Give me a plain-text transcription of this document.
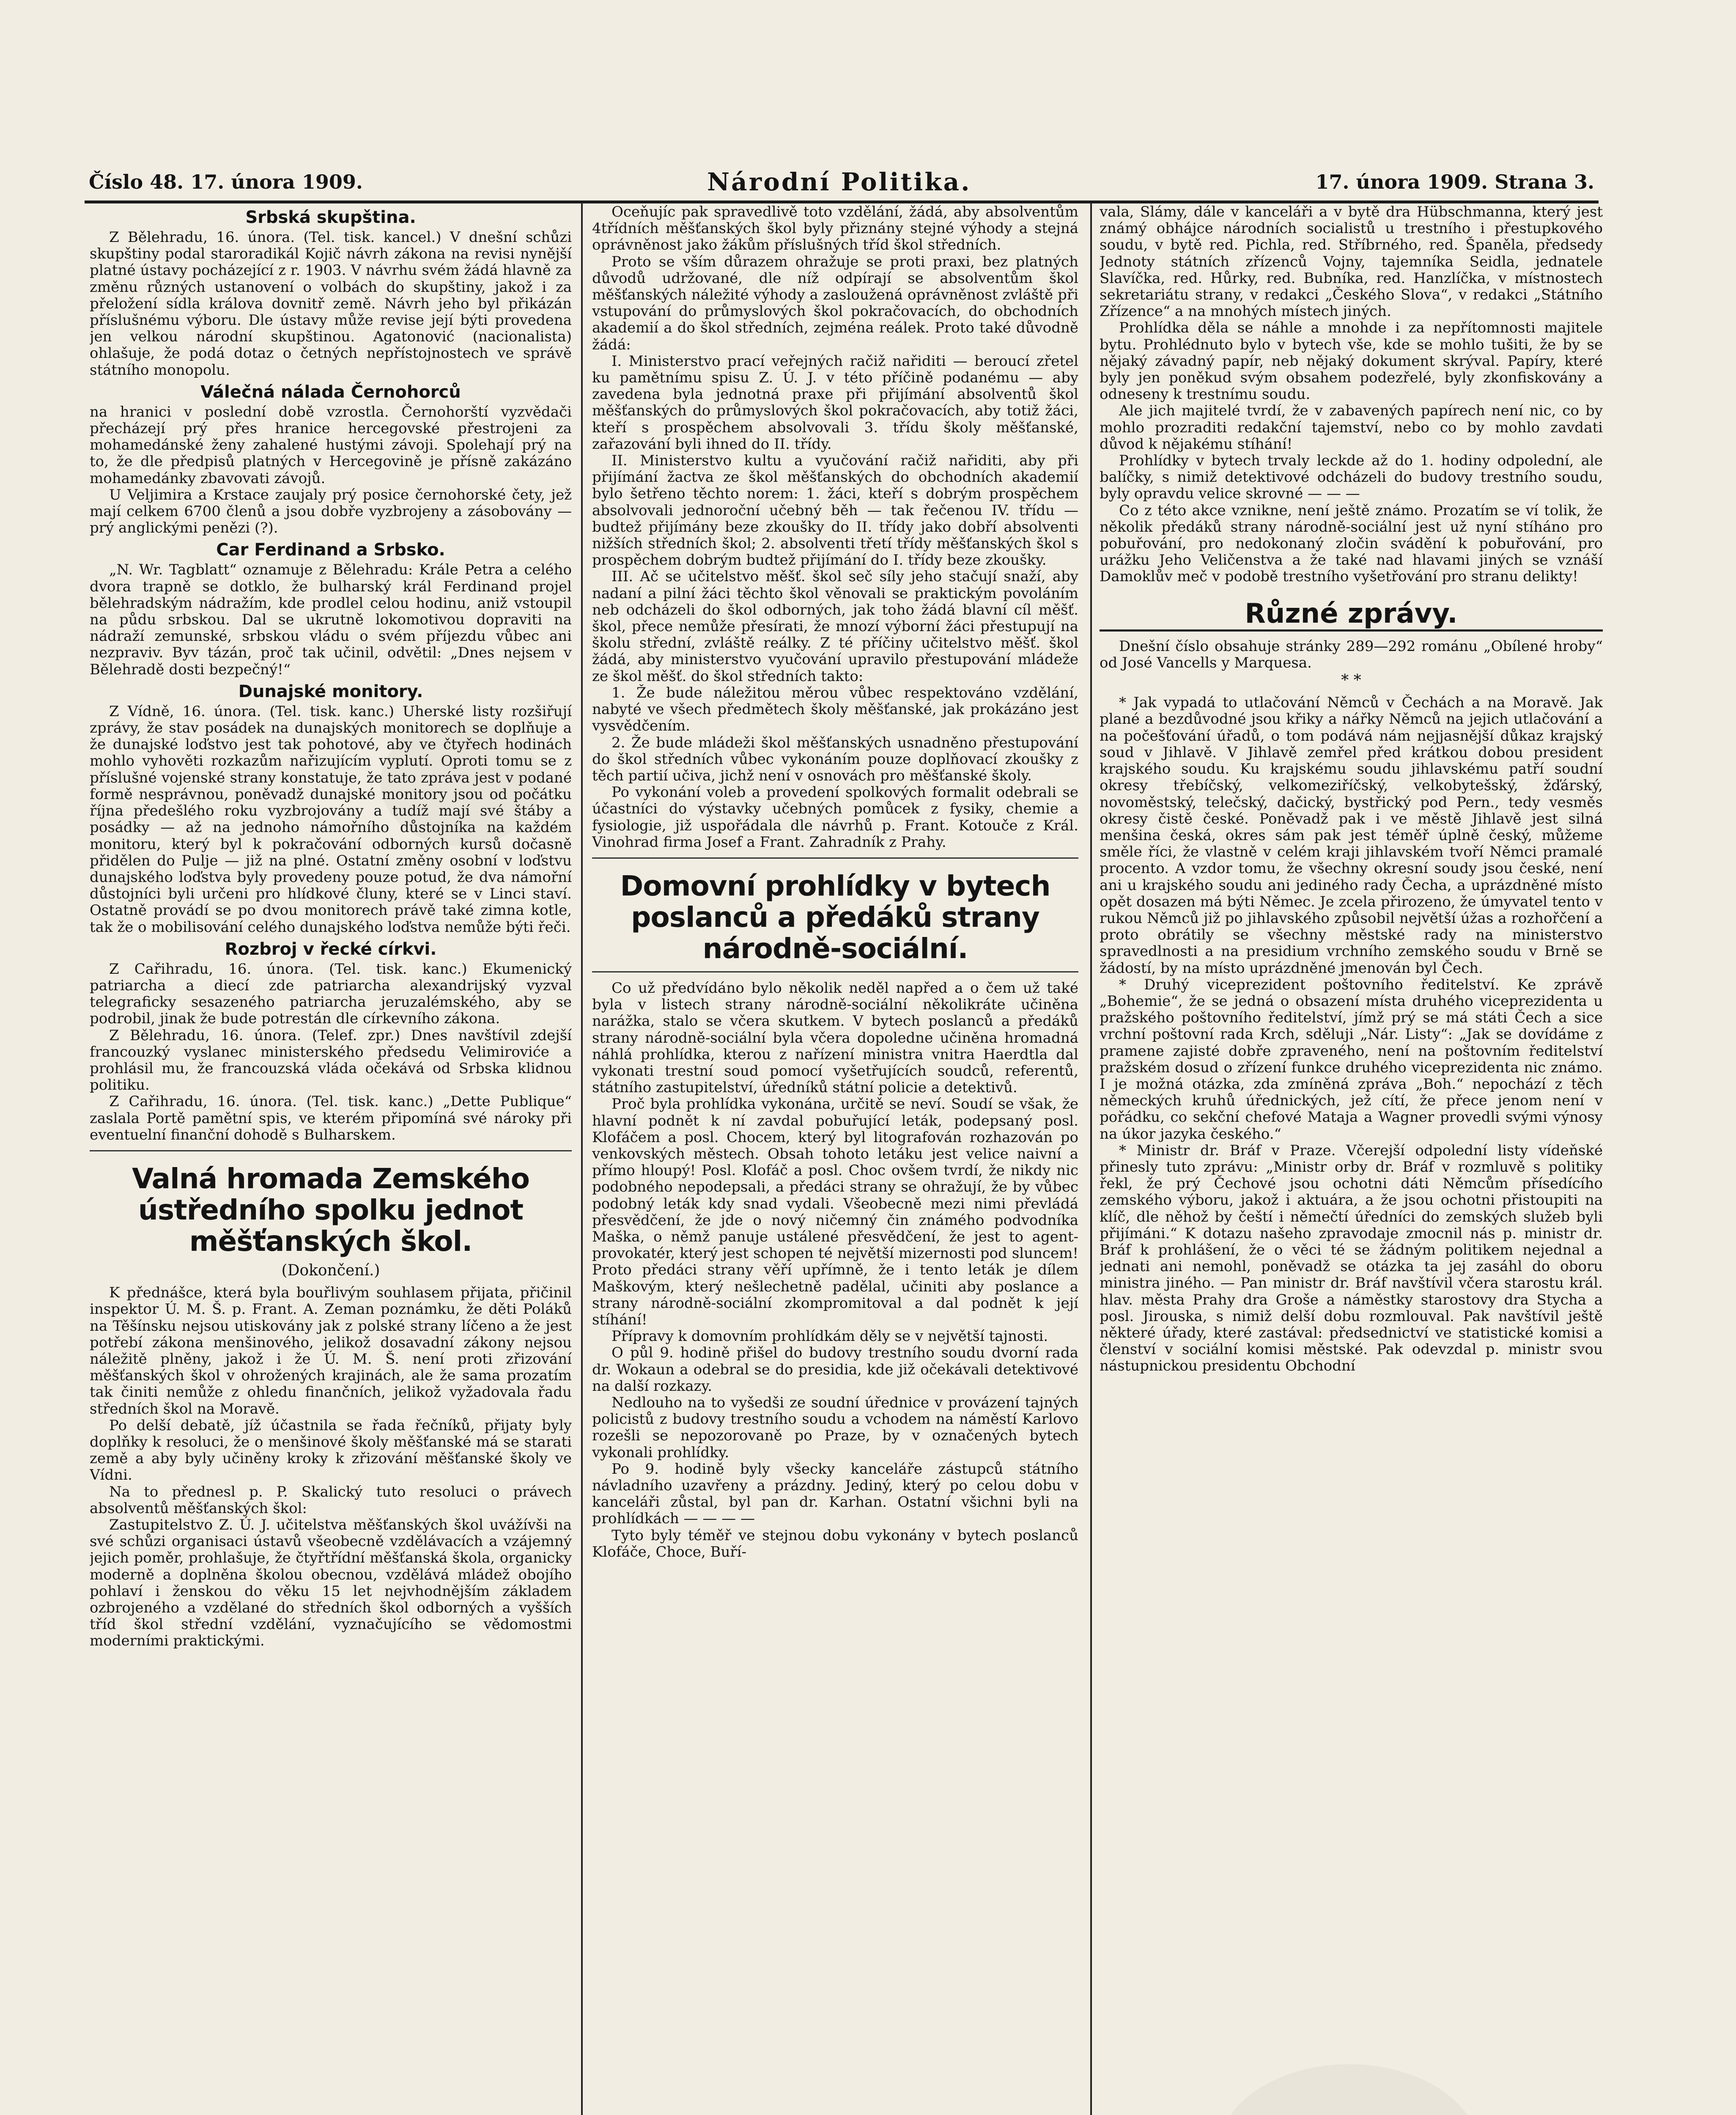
Číslo 48. 17. února 1909.	Národní Politika.	17. února 1909. Strana 3.
Srbská skupština.

Z Bělehradu, 16. února. (Tel. tisk. kancel.) V dnešní schůzi skupštiny podal staroradikál Kojič návrh zákona na revisi nynější platné ústavy pocházející z r. 1903. V návrhu svém žádá hlavně za změnu různých ustanovení o volbách do skupštiny, jakož i za přeložení sídla králova dovnitř země. Návrh jeho byl přikázán příslušnému výboru. Dle ústavy může revise její býti provedena jen velkou národní skupštinou. Agatonović (nacionalista) ohlašuje, že podá dotaz o četných nepřístojnostech ve správě státního monopolu.

Válečná nálada Černohorců

na hranici v poslední době vzrostla. Černohorští vyzvědači přecházejí prý přes hranice hercegovské přestrojeni za mohamedánské ženy zahalené hustými závoji. Spolehají prý na to, že dle předpisů platných v Hercegovině je přísně zakázáno mohamedánky zbavovati závojů.

U Veljimira a Krstace zaujaly prý posice černohorské čety, jež mají celkem 6700 členů a jsou dobře vyzbrojeny a zásobovány — prý anglickými penězi (?).

Car Ferdinand a Srbsko.

„N. Wr. Tagblatt“ oznamuje z Bělehradu: Krále Petra a celého dvora trapně se dotklo, že bulharský král Ferdinand projel bělehradským nádražím, kde prodlel celou hodinu, aniž vstoupil na půdu srbskou. Dal se ukrutně lokomotivou dopraviti na nádraží zemunské, srbskou vládu o svém příjezdu vůbec ani nezpraviv. Byv tázán, proč tak učinil, odvětil: „Dnes nejsem v Bělehradě dosti bezpečný!“

Dunajské monitory.

Z Vídně, 16. února. (Tel. tisk. kanc.) Uherské listy rozšiřují zprávy, že stav posádek na dunajských monitorech se doplňuje a že dunajské loďstvo jest tak pohotové, aby ve čtyřech hodinách mohlo vyhověti rozkazům nařizujícím vyplutí. Oproti tomu se z příslušné vojenské strany konstatuje, že tato zpráva jest v podané formě nesprávnou, poněvadž dunajské monitory jsou od počátku října předešlého roku vyzbrojovány a tudíž mají své štáby a posádky — až na jednoho námořního důstojníka na každém monitoru, který byl k pokračování odborných kursů dočasně přidělen do Pulje — již na plné. Ostatní změny osobní v loďstvu dunajského loďstva byly provedeny pouze potud, že dva námořní důstojníci byli určeni pro hlídkové čluny, které se v Linci staví. Ostatně provádí se po dvou monitorech právě také zimna kotle, tak že o mobilisování celého dunajského loďstva nemůže býti řeči.

Rozbroj v řecké církvi.

Z Cařihradu, 16. února. (Tel. tisk. kanc.) Ekumenický patriarcha a diecí zde patriarcha alexandrijský vyzval telegraficky sesazeného patriarcha jeruzalémského, aby se podrobil, jinak že bude potrestán dle církevního zákona.

Z Bělehradu, 16. února. (Telef. zpr.) Dnes navštívil zdejší francouzký vyslanec ministerského předsedu Velimiroviće a prohlásil mu, že francouzská vláda očekává od Srbska klidnou politiku.

Z Cařihradu, 16. února. (Tel. tisk. kanc.) „Dette Publique“ zaslala Portě pamětní spis, ve kterém připomíná své nároky při eventuelní finanční dohodě s Bulharskem.

Valná hromada Zemského ústředního spolku jednot měšťanských škol.
(Dokončení.)

K přednášce, která byla bouřlivým souhlasem přijata, přičinil inspektor Ú. M. Š. p. Frant. A. Zeman poznámku, že děti Poláků na Těšínsku nejsou utiskovány jak z polské strany líčeno a že jest potřebí zákona menšinového, jelikož dosavadní zákony nejsou náležitě plněny, jakož i že Ú. M. Š. není proti zřizování měšťanských škol v ohrožených krajinách, ale že sama prozatím tak činiti nemůže z ohledu finančních, jelikož vyžadovala řadu středních škol na Moravě.

Po delší debatě, jíž účastnila se řada řečníků, přijaty byly doplňky k resoluci, že o menšinové školy měšťanské má se starati země a aby byly učiněny kroky k zřizování měšťanské školy ve Vídni.

Na to přednesl p. P. Skalický tuto resoluci o právech absolventů měšťanských škol:

Zastupitelstvo Z. Ú. J. učitelstva měšťanských škol uvážívši na své schůzi organisaci ústavů všeobecně vzdělávacích a vzájemný jejich poměr, prohlašuje, že čtyřtřídní měšťanská škola, organicky moderně a doplněna školou obecnou, vzdělává mládež obojího pohlaví i ženskou do věku 15 let nejvhodnějším základem ozbrojeného a vzdělané do středních škol odborných a vyšších tříd škol střední vzdělání, vyznačujícího se vědomostmi moderními praktickými.

Oceňujíc pak spravedlivě toto vzdělání, žádá, aby absolventům 4třídních měšťanských škol byly přiznány stejné výhody a stejná oprávněnost jako žákům příslušných tříd škol středních.

Proto se vším důrazem ohražuje se proti praxi, bez platných důvodů udržované, dle níž odpírají se absolventům škol měšťanských náležité výhody a zasloužená oprávněnost zvláště při vstupování do průmyslových škol pokračovacích, do obchodních akademií a do škol středních, zejména reálek. Proto také důvodně žádá:

I. Ministerstvo prací veřejných račiž nařiditi — beroucí zřetel ku pamětnímu spisu Z. Ú. J. v této příčině podanému — aby zavedena byla jednotná praxe při přijímání absolventů škol měšťanských do průmyslových škol pokračovacích, aby totiž žáci, kteří s prospěchem absolvovali 3. třídu školy měšťanské, zařazování byli ihned do II. třídy.

II. Ministerstvo kultu a vyučování račiž nařiditi, aby při přijímání žactva ze škol měšťanských do obchodních akademií bylo šetřeno těchto norem: 1. žáci, kteří s dobrým prospěchem absolvovali jednoroční učebný běh — tak řečenou IV. třídu — budtež přijímány beze zkoušky do II. třídy jako dobří absolventi nižších středních škol; 2. absolventi třetí třídy měšťanských škol s prospěchem dobrým budtež přijímání do I. třídy beze zkoušky.

III. Ač se učitelstvo měšť. škol seč síly jeho stačují snaží, aby nadaní a pilní žáci těchto škol věnovali se praktickým povoláním neb odcházeli do škol odborných, jak toho žádá blavní cíl měšť. škol, přece nemůže přesírati, že mnozí výborní žáci přestupují na školu střední, zvláště reálky. Z té příčiny učitelstvo měšť. škol žádá, aby ministerstvo vyučování upravilo přestupování mládeže ze škol měšť. do škol středních takto:

1. Že bude náležitou měrou vůbec respektováno vzdělání, nabyté ve všech předmětech školy měšťanské, jak prokázáno jest vysvědčením.

2. Že bude mládeži škol měšťanských usnadněno přestupování do škol středních vůbec vykonáním pouze doplňovací zkoušky z těch partií učiva, jichž není v osnovách pro měšťanské školy.

Po vykonání voleb a provedení spolkových formalit odebrali se účastníci do výstavky učebných pomůcek z fysiky, chemie a fysiologie, již uspořádala dle návrhů p. Frant. Kotouče z Král. Vinohrad firma Josef a Frant. Zahradník z Prahy.

Domovní prohlídky v bytech poslanců a předáků strany národně-sociální.

Co už předvídáno bylo několik neděl napřed a o čem už také byla v listech strany národně-sociální několikráte učiněna narážka, stalo se včera skutkem. V bytech poslanců a předáků strany národně-sociální byla včera dopoledne učiněna hromadná náhlá prohlídka, kterou z nařízení ministra vnitra Haerdtla dal vykonati trestní soud pomocí vyšetřujících soudců, referentů, státního zastupitelství, úředníků státní policie a detektivů.

Proč byla prohlídka vykonána, určitě se neví. Soudí se však, že hlavní podnět k ní zavdal pobuřující leták, podepsaný posl. Klofáčem a posl. Chocem, který byl litografován rozhazován po venkovských městech. Obsah tohoto letáku jest velice naivní a přímo hloupý! Posl. Klofáč a posl. Choc ovšem tvrdí, že nikdy nic podobného nepodepsali, a předáci strany se ohražují, že by vůbec podobný leták kdy snad vydali. Všeobecně mezi nimi převládá přesvědčení, že jde o nový ničemný čin známého podvodníka Maška, o němž panuje ustálené přesvědčení, že jest to agent-provokatér, který jest schopen té největší mizernosti pod sluncem! Proto předáci strany věří upřímně, že i tento leták je dílem Maškovým, který nešlechetně padělal, učiniti aby poslance a strany národně-sociální zkompromitoval a dal podnět k její stíhání!

Přípravy k domovním prohlídkám děly se v největší tajnosti.

O půl 9. hodině přišel do budovy trestního soudu dvorní rada dr. Wokaun a odebral se do presidia, kde již očekávali detektivové na další rozkazy.

Nedlouho na to vyšedši ze soudní úřednice v provázení tajných policistů z budovy trestního soudu a vchodem na náměstí Karlovo rozešli se nepozorovaně po Praze, by v označených bytech vykonali prohlídky.

Po 9. hodině byly všecky kanceláře zástupců státního návladního uzavřeny a prázdny. Jediný, který po celou dobu v kanceláři zůstal, byl pan dr. Karhan. Ostatní všichni byli na prohlídkách — — — —

Tyto byly téměř ve stejnou dobu vykonány v bytech poslanců Klofáče, Choce, Buří-

vala, Slámy, dále v kanceláři a v bytě dra Hübschmanna, který jest známý obhájce národních socialistů u trestního i přestupkového soudu, v bytě red. Pichla, red. Stříbrného, red. Španěla, předsedy Jednoty státních zřízenců Vojny, tajemníka Seidla, jednatele Slavíčka, red. Hůrky, red. Bubníka, red. Hanzlíčka, v místnostech sekretariátu strany, v redakci „Českého Slova“, v redakci „Státního Zřízence“ a na mnohých místech jiných.

Prohlídka děla se náhle a mnohde i za nepřítomnosti majitele bytu. Prohlédnuto bylo v bytech vše, kde se mohlo tušiti, že by se nějaký závadný papír, neb nějaký dokument skrýval. Papíry, které byly jen poněkud svým obsahem podezřelé, byly zkonfiskovány a odneseny k trestnímu soudu.

Ale jich majitelé tvrdí, že v zabavených papírech není nic, co by mohlo prozraditi redakční tajemství, nebo co by mohlo zavdati důvod k nějakému stíhání!

Prohlídky v bytech trvaly leckde až do 1. hodiny odpolední, ale balíčky, s nimiž detektivové odcházeli do budovy trestního soudu, byly opravdu velice skrovné — — —

Co z této akce vznikne, není ještě známo. Prozatím se ví tolik, že několik předáků strany národně-sociální jest už nyní stíháno pro pobuřování, pro nedokonaný zločin svádění k pobuřování, pro urážku Jeho Veličenstva a že také nad hlavami jiných se vznáší Damoklův meč v podobě trestního vyšetřování pro stranu delikty!

Různé zprávy.

Dnešní číslo obsahuje stránky 289—292 románu „Obílené hroby“ od José Vancells y Marquesa.

* *

* Jak vypadá to utlačování Němců v Čechách a na Moravě. Jak plané a bezdůvodné jsou křiky a nářky Němců na jejich utlačování a na počešťování úřadů, o tom podává nám nejjasnější důkaz krajský soud v Jihlavě. V Jihlavě zemřel před krátkou dobou president krajského soudu. Ku krajskému soudu jihlavskému patří soudní okresy třebíčský, velkomeziříčský, velkobytešský, žďárský, novoměstský, telečský, dačický, bystřický pod Pern., tedy vesměs okresy čistě české. Poněvadž pak i ve městě Jihlavě jest silná menšina česká, okres sám pak jest téměř úplně český, můžeme směle říci, že vlastně v celém kraji jihlavském tvoří Němci pramalé procento. A vzdor tomu, že všechny okresní soudy jsou české, není ani u krajského soudu ani jediného rady Čecha, a uprázdněné místo opět dosazen má býti Němec. Je zcela přirozeno, že úmyvatel tento v rukou Němců již po jihlavského způsobil největší úžas a rozhořčení a proto obrátily se všechny městské rady na ministerstvo spravedlnosti a na presidium vrchního zemského soudu v Brně se žádostí, by na místo uprázdněné jmenován byl Čech.

* Druhý viceprezident poštovního ředitelství. Ke zprávě „Bohemie“, že se jedná o obsazení místa druhého viceprezidenta u pražského poštovního ředitelství, jímž prý se má státi Čech a sice vrchní poštovní rada Krch, sděluji „Nár. Listy“: „Jak se dovídáme z pramene zajisté dobře zpraveného, není na poštovním ředitelství pražském dosud o zřízení funkce druhého viceprezidenta nic známo. I je možná otázka, zda zmíněná zpráva „Boh.“ nepochází z těch německých kruhů úřednických, jež cítí, že přece jenom není v pořádku, co sekční chefové Mataja a Wagner provedli svými výnosy na úkor jazyka českého.“

* Ministr dr. Bráf v Praze. Včerejší odpolední listy vídeňské přinesly tuto zprávu: „Ministr orby dr. Bráf v rozmluvě s politiky řekl, že prý Čechové jsou ochotni dáti Němcům přísedícího zemského výboru, jakož i aktuára, a že jsou ochotni přistoupiti na klíč, dle něhož by čeští i němečtí úředníci do zemských služeb byli přijímáni.“ K dotazu našeho zpravodaje zmocnil nás p. ministr dr. Bráf k prohlášení, že o věci té se žádným politikem nejednal a jednati ani nemohl, poněvadž se otázka ta jej zasáhl do oboru ministra jiného. — Pan ministr dr. Bráf navštívil včera starostu král. hlav. města Prahy dra Groše a náměstky starostovy dra Stycha a posl. Jirouska, s nimiž delší dobu rozmlouval. Pak navštívil ještě některé úřady, které zastával: předsednictví ve statistické komisi a členství v sociální komisi městské. Pak odevzdal p. ministr svou nástupnickou presidentu Obchodní
